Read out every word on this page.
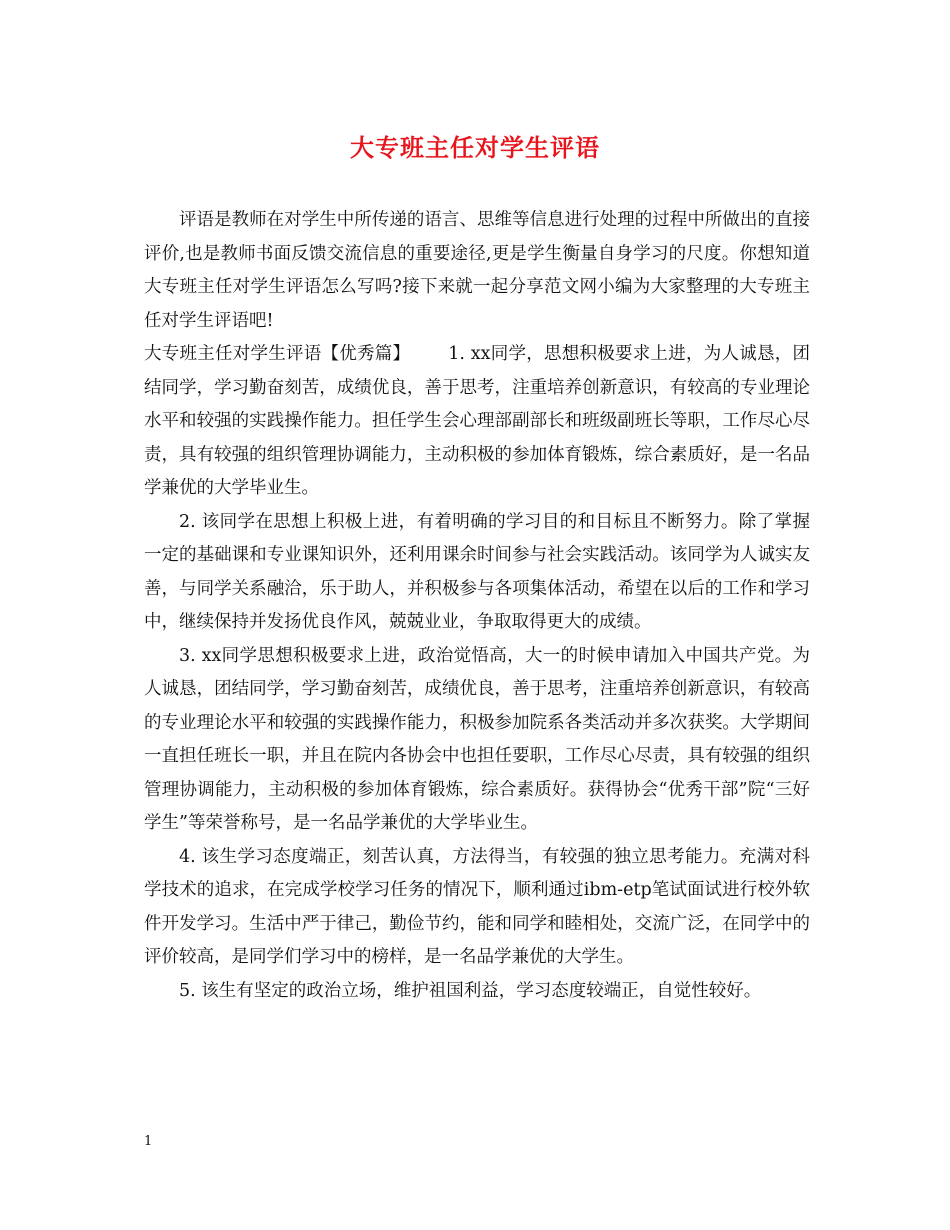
大专班主任对学生评语

评语是教师在对学生中所传递的语言、思维等信息进行处理的过程中所做出的直接评价,也是教师书面反馈交流信息的重要途径,更是学生衡量自身学习的尺度。你想知道大专班主任对学生评语怎么写吗?接下来就一起分享范文网小编为大家整理的大专班主任对学生评语吧!

大专班主任对学生评语【优秀篇】 1. xx同学，思想积极要求上进，为人诚恳，团结同学，学习勤奋刻苦，成绩优良，善于思考，注重培养创新意识，有较高的专业理论水平和较强的实践操作能力。担任学生会心理部副部长和班级副班长等职，工作尽心尽责，具有较强的组织管理协调能力，主动积极的参加体育锻炼，综合素质好，是一名品学兼优的大学毕业生。

2. 该同学在思想上积极上进，有着明确的学习目的和目标且不断努力。除了掌握一定的基础课和专业课知识外，还利用课余时间参与社会实践活动。该同学为人诚实友善，与同学关系融洽，乐于助人，并积极参与各项集体活动，希望在以后的工作和学习中，继续保持并发扬优良作风，兢兢业业，争取取得更大的成绩。

3. xx同学思想积极要求上进，政治觉悟高，大一的时候申请加入中国共产党。为人诚恳，团结同学，学习勤奋刻苦，成绩优良，善于思考，注重培养创新意识，有较高的专业理论水平和较强的实践操作能力，积极参加院系各类活动并多次获奖。大学期间一直担任班长一职，并且在院内各协会中也担任要职，工作尽心尽责，具有较强的组织管理协调能力，主动积极的参加体育锻炼，综合素质好。获得协会“优秀干部”院“三好学生”等荣誉称号，是一名品学兼优的大学毕业生。

4. 该生学习态度端正，刻苦认真，方法得当，有较强的独立思考能力。充满对科学技术的追求，在完成学校学习任务的情况下，顺利通过ibm-etp笔试面试进行校外软件开发学习。生活中严于律己，勤俭节约，能和同学和睦相处，交流广泛，在同学中的评价较高，是同学们学习中的榜样，是一名品学兼优的大学生。

5. 该生有坚定的政治立场，维护祖国利益，学习态度较端正，自觉性较好。

1
